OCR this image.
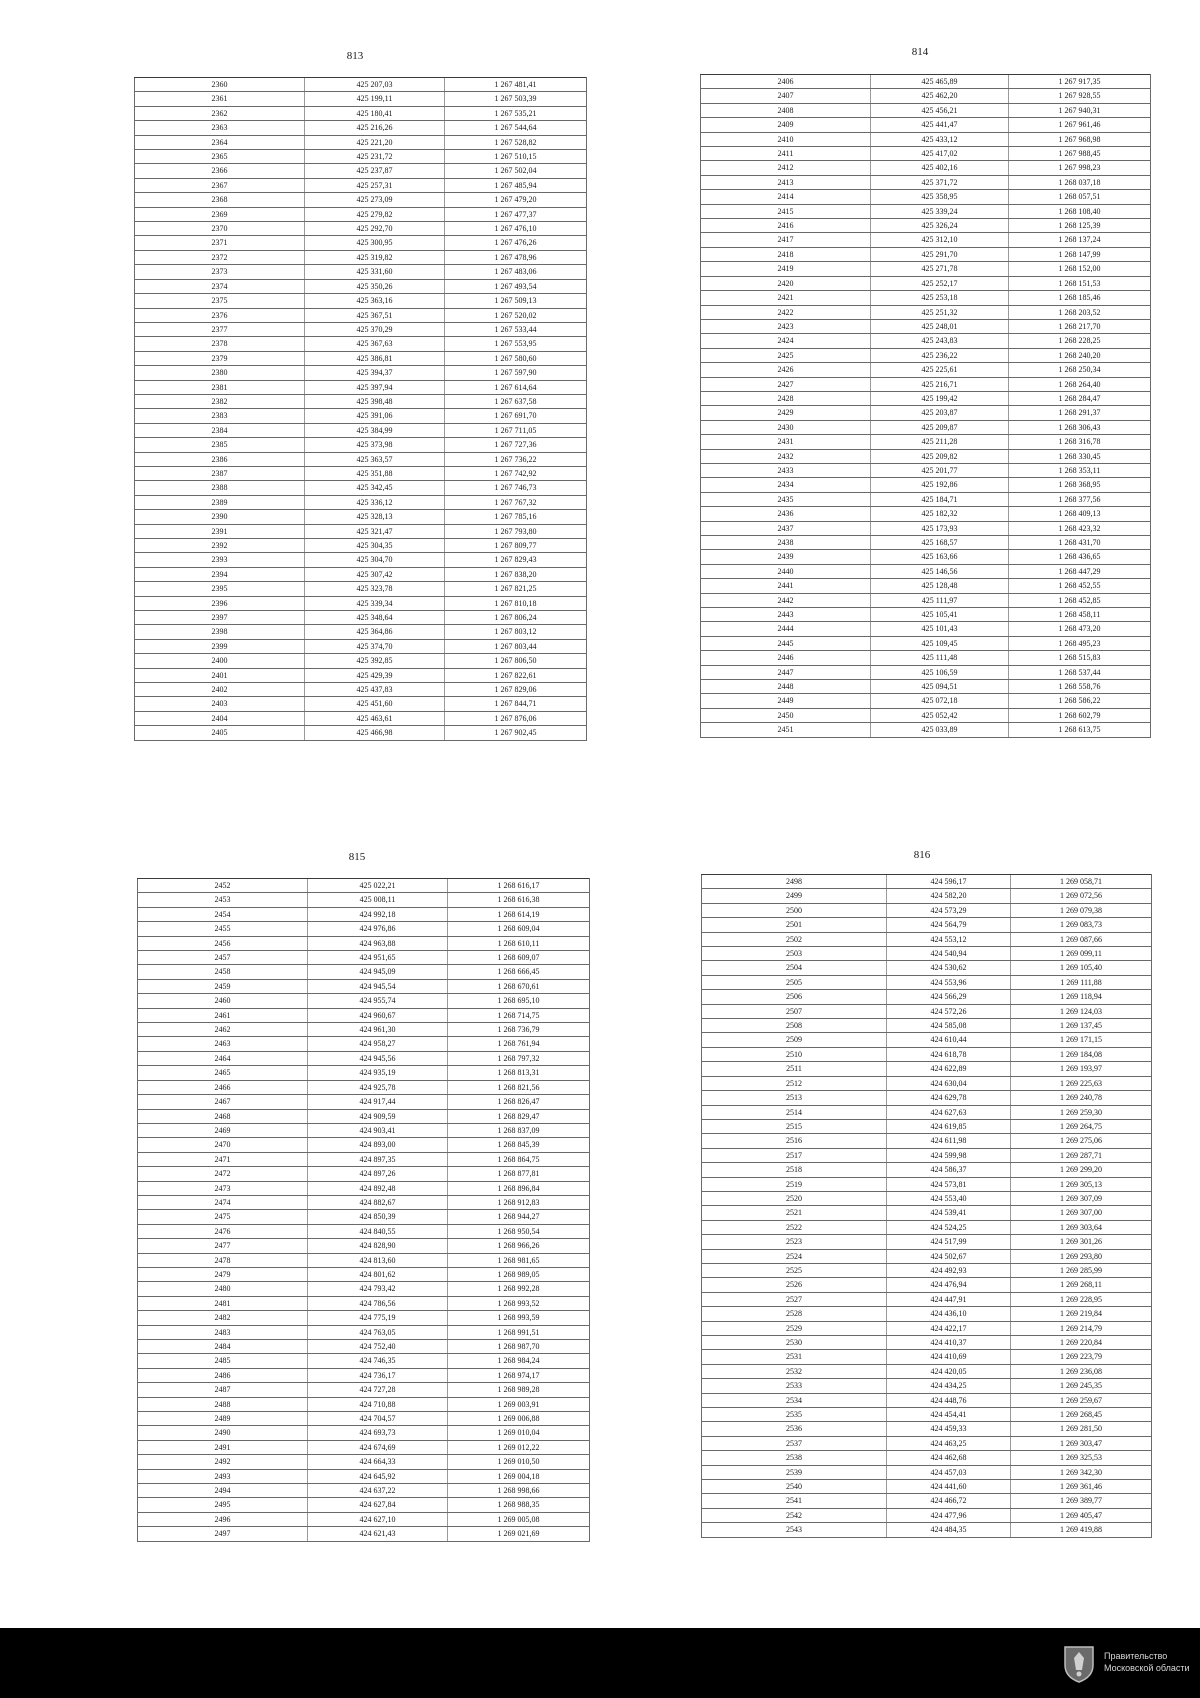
813	814
815	816
2360	425 207,03	1 267 481,41
2361	425 199,11	1 267 503,39
2362	425 180,41	1 267 535,21
2363	425 216,26	1 267 544,64
2364	425 221,20	1 267 528,82
2365	425 231,72	1 267 510,15
2366	425 237,87	1 267 502,04
2367	425 257,31	1 267 485,94
2368	425 273,09	1 267 479,20
2369	425 279,82	1 267 477,37
2370	425 292,70	1 267 476,10
2371	425 300,95	1 267 476,26
2372	425 319,82	1 267 478,96
2373	425 331,60	1 267 483,06
2374	425 350,26	1 267 493,54
2375	425 363,16	1 267 509,13
2376	425 367,51	1 267 520,02
2377	425 370,29	1 267 533,44
2378	425 367,63	1 267 553,95
2379	425 386,81	1 267 580,60
2380	425 394,37	1 267 597,90
2381	425 397,94	1 267 614,64
2382	425 398,48	1 267 637,58
2383	425 391,06	1 267 691,70
2384	425 384,99	1 267 711,05
2385	425 373,98	1 267 727,36
2386	425 363,57	1 267 736,22
2387	425 351,88	1 267 742,92
2388	425 342,45	1 267 746,73
2389	425 336,12	1 267 767,32
2390	425 328,13	1 267 785,16
2391	425 321,47	1 267 793,80
2392	425 304,35	1 267 809,77
2393	425 304,70	1 267 829,43
2394	425 307,42	1 267 838,20
2395	425 323,78	1 267 821,25
2396	425 339,34	1 267 810,18
2397	425 348,64	1 267 806,24
2398	425 364,86	1 267 803,12
2399	425 374,70	1 267 803,44
2400	425 392,85	1 267 806,50
2401	425 429,39	1 267 822,61
2402	425 437,83	1 267 829,06
2403	425 451,60	1 267 844,71
2404	425 463,61	1 267 876,06
2405	425 466,98	1 267 902,45
2406	425 465,89	1 267 917,35
2407	425 462,20	1 267 928,55
2408	425 456,21	1 267 940,31
2409	425 441,47	1 267 961,46
2410	425 433,12	1 267 968,98
2411	425 417,02	1 267 988,45
2412	425 402,16	1 267 998,23
2413	425 371,72	1 268 037,18
2414	425 358,95	1 268 057,51
2415	425 339,24	1 268 108,40
2416	425 326,24	1 268 125,39
2417	425 312,10	1 268 137,24
2418	425 291,70	1 268 147,99
2419	425 271,78	1 268 152,00
2420	425 252,17	1 268 151,53
2421	425 253,18	1 268 185,46
2422	425 251,32	1 268 203,52
2423	425 248,01	1 268 217,70
2424	425 243,83	1 268 228,25
2425	425 236,22	1 268 240,20
2426	425 225,61	1 268 250,34
2427	425 216,71	1 268 264,40
2428	425 199,42	1 268 284,47
2429	425 203,87	1 268 291,37
2430	425 209,87	1 268 306,43
2431	425 211,28	1 268 316,78
2432	425 209,82	1 268 330,45
2433	425 201,77	1 268 353,11
2434	425 192,86	1 268 368,95
2435	425 184,71	1 268 377,56
2436	425 182,32	1 268 409,13
2437	425 173,93	1 268 423,32
2438	425 168,57	1 268 431,70
2439	425 163,66	1 268 436,65
2440	425 146,56	1 268 447,29
2441	425 128,48	1 268 452,55
2442	425 111,97	1 268 452,85
2443	425 105,41	1 268 458,11
2444	425 101,43	1 268 473,20
2445	425 109,45	1 268 495,23
2446	425 111,48	1 268 515,83
2447	425 106,59	1 268 537,44
2448	425 094,51	1 268 558,76
2449	425 072,18	1 268 586,22
2450	425 052,42	1 268 602,79
2451	425 033,89	1 268 613,75
2452	425 022,21	1 268 616,17
2453	425 008,11	1 268 616,38
2454	424 992,18	1 268 614,19
2455	424 976,86	1 268 609,04
2456	424 963,88	1 268 610,11
2457	424 951,65	1 268 609,07
2458	424 945,09	1 268 666,45
2459	424 945,54	1 268 670,61
2460	424 955,74	1 268 695,10
2461	424 960,67	1 268 714,75
2462	424 961,30	1 268 736,79
2463	424 958,27	1 268 761,94
2464	424 945,56	1 268 797,32
2465	424 935,19	1 268 813,31
2466	424 925,78	1 268 821,56
2467	424 917,44	1 268 826,47
2468	424 909,59	1 268 829,47
2469	424 903,41	1 268 837,09
2470	424 893,00	1 268 845,39
2471	424 897,35	1 268 864,75
2472	424 897,26	1 268 877,81
2473	424 892,48	1 268 896,84
2474	424 882,67	1 268 912,83
2475	424 850,39	1 268 944,27
2476	424 840,55	1 268 950,54
2477	424 828,90	1 268 966,26
2478	424 813,60	1 268 981,65
2479	424 801,62	1 268 989,05
2480	424 793,42	1 268 992,28
2481	424 786,56	1 268 993,52
2482	424 775,19	1 268 993,59
2483	424 763,05	1 268 991,51
2484	424 752,40	1 268 987,70
2485	424 746,35	1 268 984,24
2486	424 736,17	1 268 974,17
2487	424 727,28	1 268 989,28
2488	424 710,88	1 269 003,91
2489	424 704,57	1 269 006,88
2490	424 693,73	1 269 010,04
2491	424 674,69	1 269 012,22
2492	424 664,33	1 269 010,50
2493	424 645,92	1 269 004,18
2494	424 637,22	1 268 998,66
2495	424 627,84	1 268 988,35
2496	424 627,10	1 269 005,08
2497	424 621,43	1 269 021,69
2498	424 596,17	1 269 058,71
2499	424 582,20	1 269 072,56
2500	424 573,29	1 269 079,38
2501	424 564,79	1 269 083,73
2502	424 553,12	1 269 087,66
2503	424 540,94	1 269 099,11
2504	424 530,62	1 269 105,40
2505	424 553,96	1 269 111,88
2506	424 566,29	1 269 118,94
2507	424 572,26	1 269 124,03
2508	424 585,08	1 269 137,45
2509	424 610,44	1 269 171,15
2510	424 618,78	1 269 184,08
2511	424 622,89	1 269 193,97
2512	424 630,04	1 269 225,63
2513	424 629,78	1 269 240,78
2514	424 627,63	1 269 259,30
2515	424 619,85	1 269 264,75
2516	424 611,98	1 269 275,06
2517	424 599,98	1 269 287,71
2518	424 586,37	1 269 299,20
2519	424 573,81	1 269 305,13
2520	424 553,40	1 269 307,09
2521	424 539,41	1 269 307,00
2522	424 524,25	1 269 303,64
2523	424 517,99	1 269 301,26
2524	424 502,67	1 269 293,80
2525	424 492,93	1 269 285,99
2526	424 476,94	1 269 268,11
2527	424 447,91	1 269 228,95
2528	424 436,10	1 269 219,84
2529	424 422,17	1 269 214,79
2530	424 410,37	1 269 220,84
2531	424 410,69	1 269 223,79
2532	424 420,05	1 269 236,08
2533	424 434,25	1 269 245,35
2534	424 448,76	1 269 259,67
2535	424 454,41	1 269 268,45
2536	424 459,33	1 269 281,50
2537	424 463,25	1 269 303,47
2538	424 462,68	1 269 325,53
2539	424 457,03	1 269 342,30
2540	424 441,60	1 269 361,46
2541	424 466,72	1 269 389,77
2542	424 477,96	1 269 405,47
2543	424 484,35	1 269 419,88
Правительство
Московской области
